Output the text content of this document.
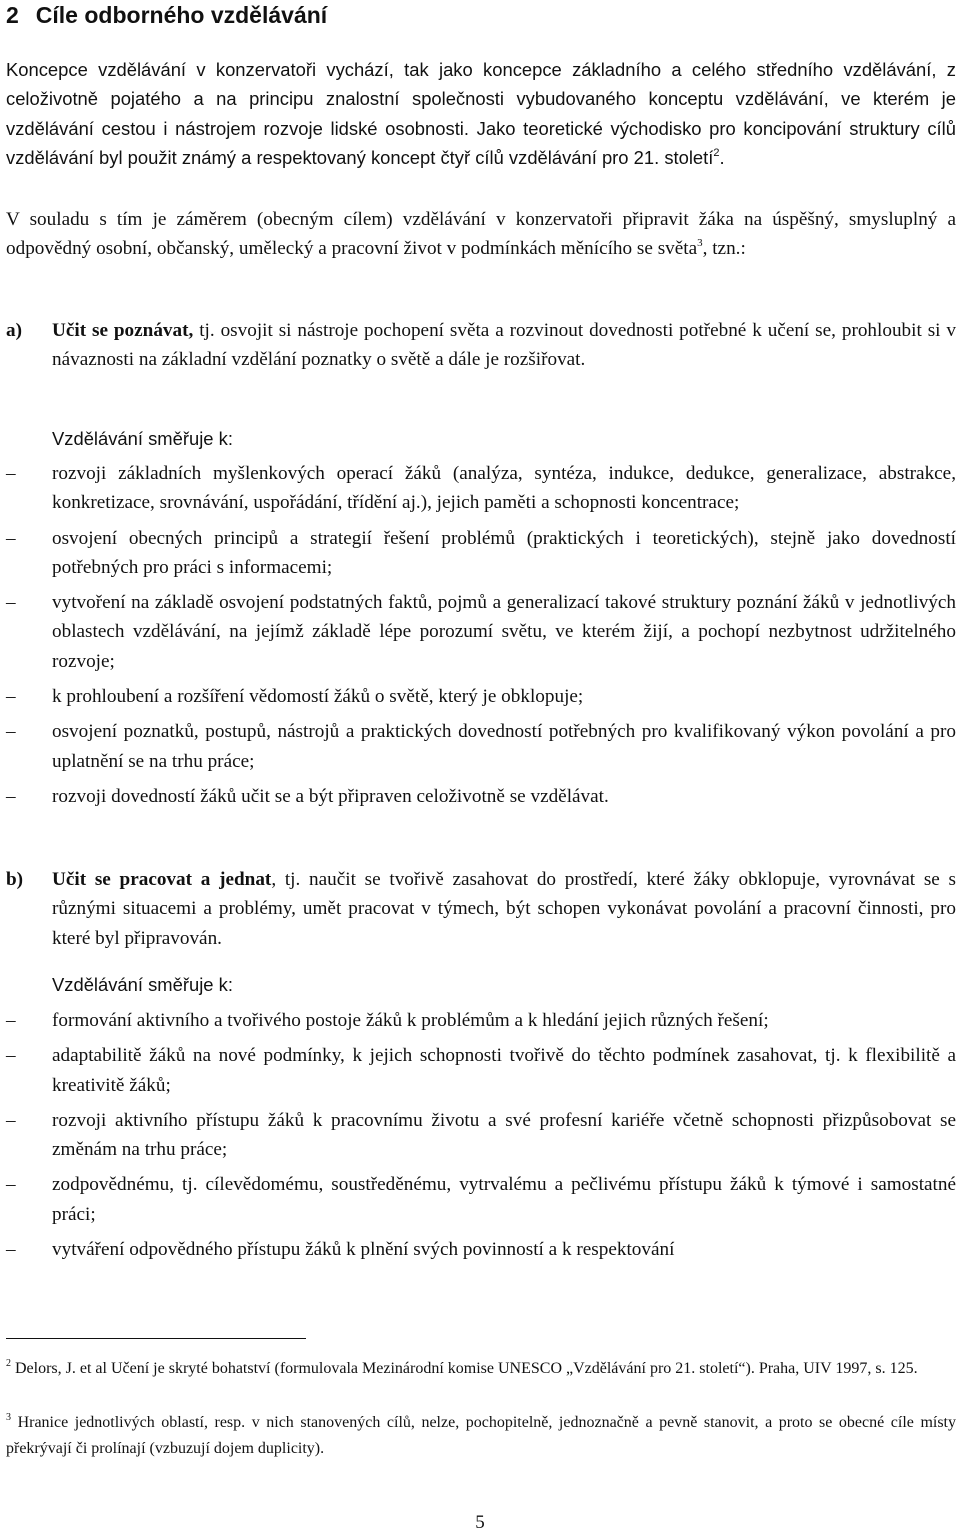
2 Cíle odborného vzdělávání

Koncepce vzdělávání v konzervatoři vychází, tak jako koncepce základního a celého středního vzdělávání, z celoživotně pojatého a na principu znalostní společnosti vybudovaného konceptu vzdělávání, ve kterém je vzdělávání cestou i nástrojem rozvoje lidské osobnosti. Jako teoretické východisko pro koncipování struktury cílů vzdělávání byl použit známý a respektovaný koncept čtyř cílů vzdělávání pro 21. století$^2$.

V souladu s tím je záměrem (obecným cílem) vzdělávání v konzervatoři připravit žáka na úspěšný, smysluplný a odpovědný osobní, občanský, umělecký a pracovní život v podmínkách měnícího se světa$^3$, tzn.:

a) Učit se poznávat, tj. osvojit si nástroje pochopení světa a rozvinout dovednosti potřebné k učení se, prohloubit si v návaznosti na základní vzdělání poznatky o světě a dále je rozšiřovat.

Vzdělávání směřuje k:

–	rozvoji základních myšlenkových operací žáků (analýza, syntéza, indukce, dedukce, generalizace, abstrakce, konkretizace, srovnávání, uspořádání, třídění aj.), jejich paměti a schopnosti koncentrace;
–	osvojení obecných principů a strategií řešení problémů (praktických i teoretických), stejně jako dovedností potřebných pro práci s informacemi;
–	vytvoření na základě osvojení podstatných faktů, pojmů a generalizací takové struktury poznání žáků v jednotlivých oblastech vzdělávání, na jejímž základě lépe porozumí světu, ve kterém žijí, a pochopí nezbytnost udržitelného rozvoje;
–	k prohloubení a rozšíření vědomostí žáků o světě, který je obklopuje;
–	osvojení poznatků, postupů, nástrojů a praktických dovedností potřebných pro kvalifikovaný výkon povolání a pro uplatnění se na trhu práce;
–	rozvoji dovedností žáků učit se a být připraven celoživotně se vzdělávat.
b) Učit se pracovat a jednat, tj. naučit se tvořivě zasahovat do prostředí, které žáky obklopuje, vyrovnávat se s různými situacemi a problémy, umět pracovat v týmech, být schopen vykonávat povolání a pracovní činnosti, pro které byl připravován.

Vzdělávání směřuje k:

–	formování aktivního a tvořivého postoje žáků k problémům a k hledání jejich různých řešení;
–	adaptabilitě žáků na nové podmínky, k jejich schopnosti tvořivě do těchto podmínek zasahovat, tj. k flexibilitě a kreativitě žáků;
–	rozvoji aktivního přístupu žáků k pracovnímu životu a své profesní kariéře včetně schopnosti přizpůsobovat se změnám na trhu práce;
–	zodpovědnému, tj. cílevědomému, soustředěnému, vytrvalému a pečlivému přístupu žáků k týmové i samostatné práci;
–	vytváření odpovědného přístupu žáků k plnění svých povinností a k respektování

$^2$ Delors, J. et al Učení je skryté bohatství (formulovala Mezinárodní komise UNESCO „Vzdělávání pro 21. století“). Praha, UIV 1997, s. 125.

$^3$ Hranice jednotlivých oblastí, resp. v nich stanovených cílů, nelze, pochopitelně, jednoznačně a pevně stanovit, a proto se obecné cíle místy překrývají či prolínají (vzbuzují dojem duplicity).

5
